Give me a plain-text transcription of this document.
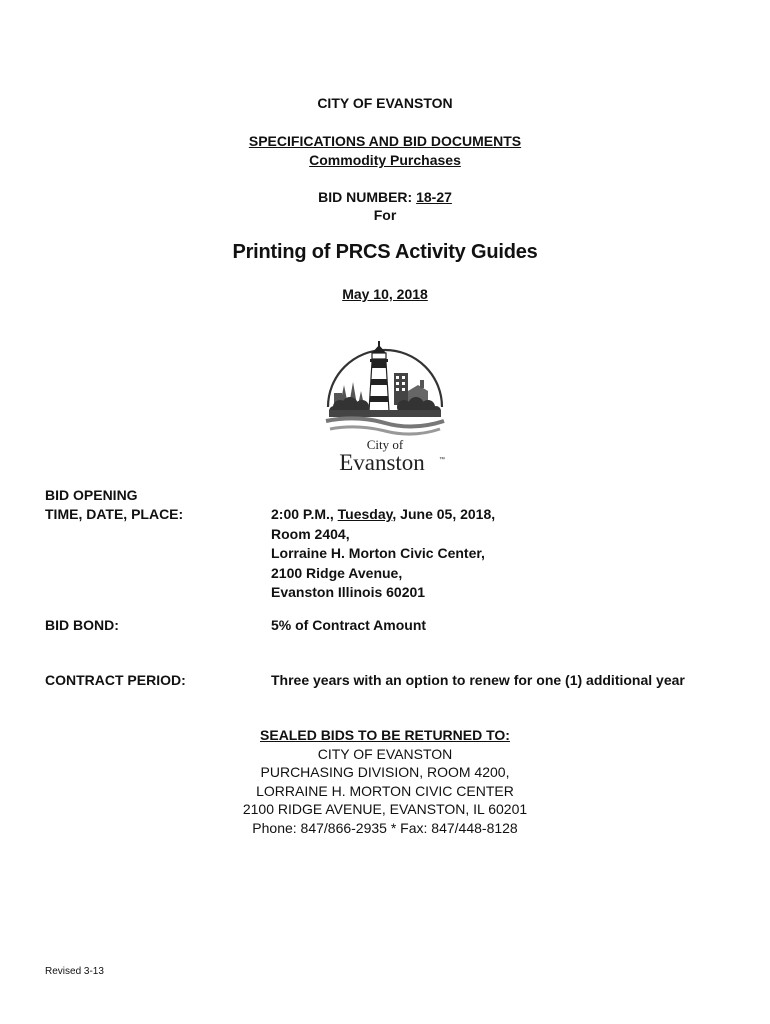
CITY OF EVANSTON
SPECIFICATIONS AND BID DOCUMENTS
Commodity Purchases
BID NUMBER: 18-27
For
Printing of PRCS Activity Guides
May 10, 2018
City of
Evanston ™
BID OPENING
TIME, DATE, PLACE:	2:00 P.M., Tuesday, June 05, 2018,
Room 2404,
Lorraine H. Morton Civic Center,
2100 Ridge Avenue,
Evanston Illinois 60201
BID BOND:	5% of Contract Amount
CONTRACT PERIOD:	Three years with an option to renew for one (1) additional year
SEALED BIDS TO BE RETURNED TO:
CITY OF EVANSTON
PURCHASING DIVISION, ROOM 4200,
LORRAINE H. MORTON CIVIC CENTER
2100 RIDGE AVENUE, EVANSTON, IL 60201
Phone: 847/866-2935 * Fax: 847/448-8128
Revised 3-13
